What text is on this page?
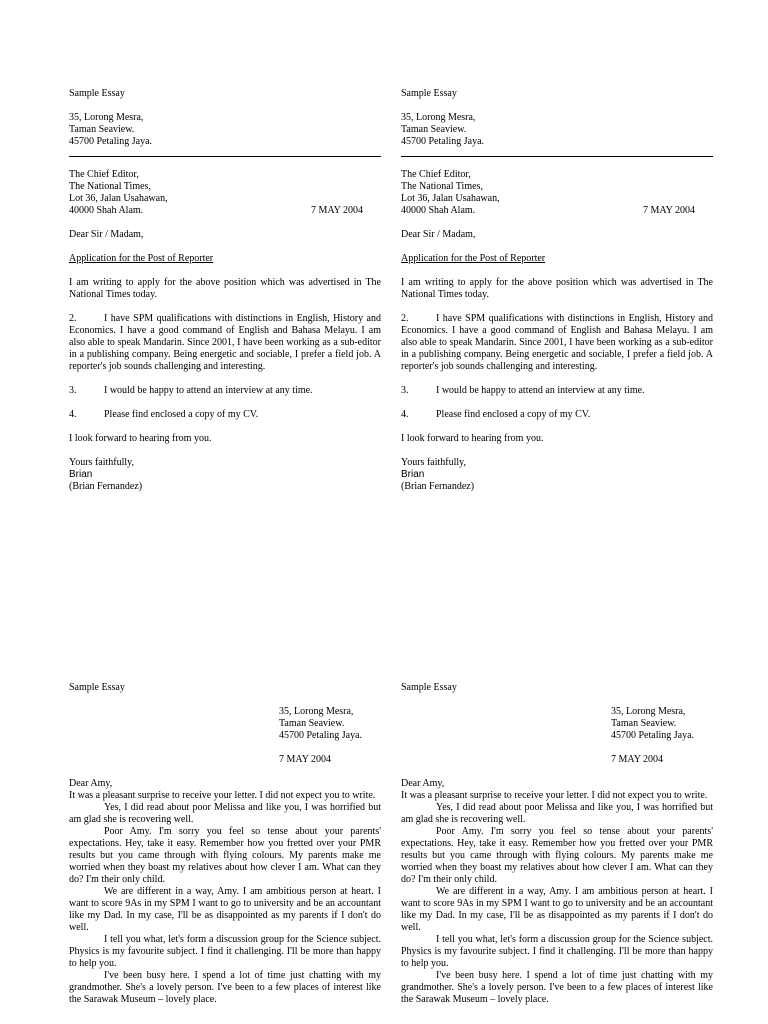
Sample Essay

35, Lorong Mesra,

Taman Seaview.

45700 Petaling Jaya.

The Chief Editor,

The National Times,

Lot 36, Jalan Usahawan,

40000 Shah Alam.	7 MAY 2004

Dear Sir / Madam,

Application for the Post of Reporter

I am writing to apply for the above position which was advertised in The National Times today.

2.	I have SPM qualifications with distinctions in English, History and Economics. I have a good command of English and Bahasa Melayu. I am also able to speak Mandarin. Since 2001, I have been working as a sub-editor in a publishing company. Being energetic and sociable, I prefer a field job. A reporter's job sounds challenging and interesting.

3.	I would be happy to attend an interview at any time.

4.	Please find enclosed a copy of my CV.

I look forward to hearing from you.

Yours faithfully,

Brian

(Brian Fernandez)

Sample Essay

35, Lorong Mesra,

Taman Seaview.

45700 Petaling Jaya.

The Chief Editor,

The National Times,

Lot 36, Jalan Usahawan,

40000 Shah Alam.	7 MAY 2004

Dear Sir / Madam,

Application for the Post of Reporter

I am writing to apply for the above position which was advertised in The National Times today.

2.	I have SPM qualifications with distinctions in English, History and Economics. I have a good command of English and Bahasa Melayu. I am also able to speak Mandarin. Since 2001, I have been working as a sub-editor in a publishing company. Being energetic and sociable, I prefer a field job. A reporter's job sounds challenging and interesting.

3.	I would be happy to attend an interview at any time.

4.	Please find enclosed a copy of my CV.

I look forward to hearing from you.

Yours faithfully,

Brian

(Brian Fernandez)

Sample Essay

35, Lorong Mesra,

Taman Seaview.

45700 Petaling Jaya.

7 MAY 2004

Dear Amy,

It was a pleasant surprise to receive your letter. I did not expect you to write.

Yes, I did read about poor Melissa and like you, I was horrified but am glad she is recovering well.

Poor Amy. I'm sorry you feel so tense about your parents' expectations. Hey, take it easy. Remember how you fretted over your PMR results but you came through with flying colours. My parents make me worried when they boast my relatives about how clever I am. What can they do? I'm their only child.

We are different in a way, Amy. I am ambitious person at heart. I want to score 9As in my SPM I want to go to university and be an accountant like my Dad. In my case, I'll be as disappointed as my parents if I don't do well.

I tell you what, let's form a discussion group for the Science subject. Physics is my favourite subject. I find it challenging. I'll be more than happy to help you.

I've been busy here. I spend a lot of time just chatting with my grandmother. She's a lovely person. I've been to a few places of interest like the Sarawak Museum – lovely place.

Sample Essay

35, Lorong Mesra,

Taman Seaview.

45700 Petaling Jaya.

7 MAY 2004

Dear Amy,

It was a pleasant surprise to receive your letter. I did not expect you to write.

Yes, I did read about poor Melissa and like you, I was horrified but am glad she is recovering well.

Poor Amy. I'm sorry you feel so tense about your parents' expectations. Hey, take it easy. Remember how you fretted over your PMR results but you came through with flying colours. My parents make me worried when they boast my relatives about how clever I am. What can they do? I'm their only child.

We are different in a way, Amy. I am ambitious person at heart. I want to score 9As in my SPM I want to go to university and be an accountant like my Dad. In my case, I'll be as disappointed as my parents if I don't do well.

I tell you what, let's form a discussion group for the Science subject. Physics is my favourite subject. I find it challenging. I'll be more than happy to help you.

I've been busy here. I spend a lot of time just chatting with my grandmother. She's a lovely person. I've been to a few places of interest like the Sarawak Museum – lovely place.
